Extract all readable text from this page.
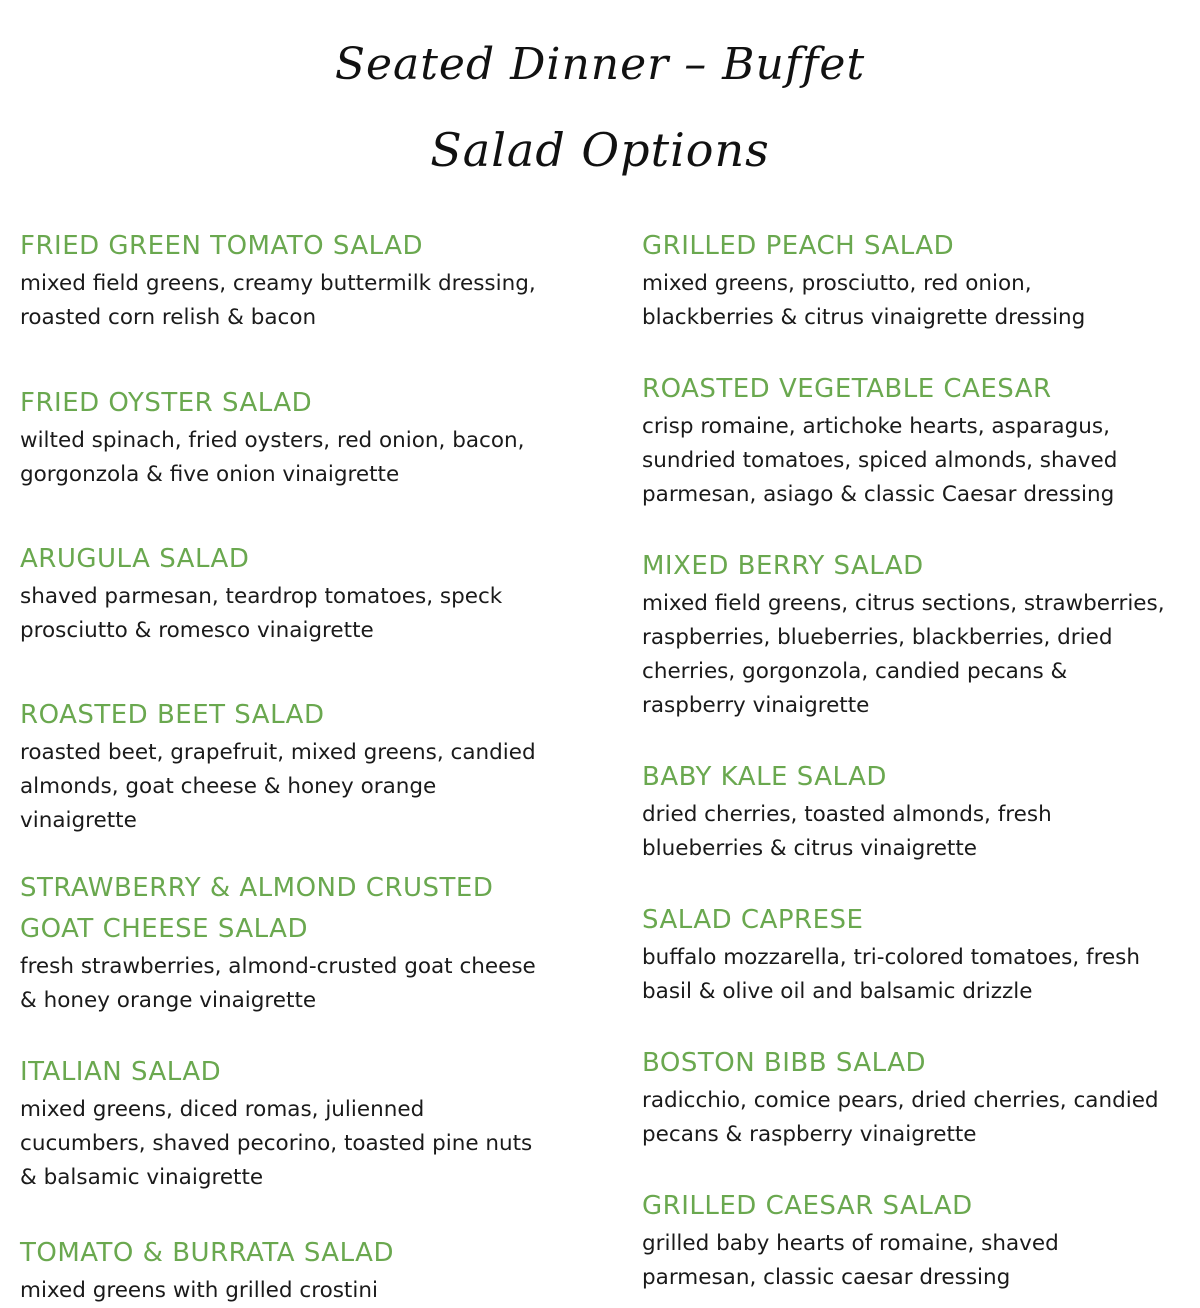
Seated Dinner – Buffet
Salad Options
FRIED GREEN TOMATO SALAD
mixed field greens, creamy buttermilk dressing,
roasted corn relish & bacon
FRIED OYSTER SALAD
wilted spinach, fried oysters, red onion, bacon,
gorgonzola & five onion vinaigrette
ARUGULA SALAD
shaved parmesan, teardrop tomatoes, speck
prosciutto & romesco vinaigrette
ROASTED BEET SALAD
roasted beet, grapefruit, mixed greens, candied
almonds, goat cheese & honey orange
vinaigrette
STRAWBERRY & ALMOND CRUSTED
GOAT CHEESE SALAD
fresh strawberries, almond-crusted goat cheese
& honey orange vinaigrette
ITALIAN SALAD
mixed greens, diced romas, julienned
cucumbers, shaved pecorino, toasted pine nuts
& balsamic vinaigrette
TOMATO & BURRATA SALAD
mixed greens with grilled crostini
GRILLED PEACH SALAD
mixed greens, prosciutto, red onion,
blackberries & citrus vinaigrette dressing
ROASTED VEGETABLE CAESAR
crisp romaine, artichoke hearts, asparagus,
sundried tomatoes, spiced almonds, shaved
parmesan, asiago & classic Caesar dressing
MIXED BERRY SALAD
mixed field greens, citrus sections, strawberries,
raspberries, blueberries, blackberries, dried
cherries, gorgonzola, candied pecans &
raspberry vinaigrette
BABY KALE SALAD
dried cherries, toasted almonds, fresh
blueberries & citrus vinaigrette
SALAD CAPRESE
buffalo mozzarella, tri-colored tomatoes, fresh
basil & olive oil and balsamic drizzle
BOSTON BIBB SALAD
radicchio, comice pears, dried cherries, candied
pecans & raspberry vinaigrette
GRILLED CAESAR SALAD
grilled baby hearts of romaine, shaved
parmesan, classic caesar dressing
